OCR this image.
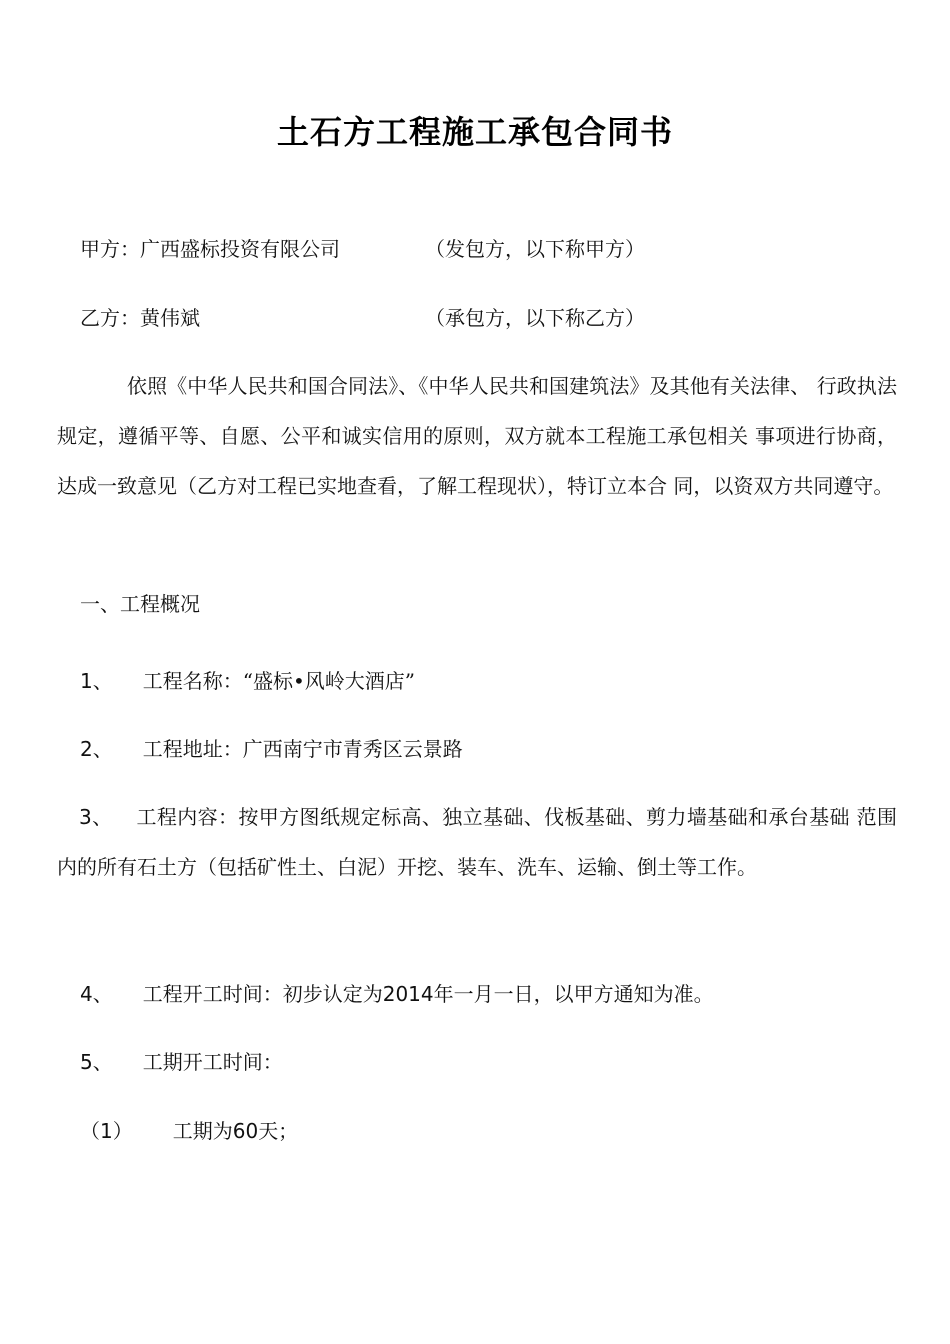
土石方工程施工承包合同书
甲方：广西盛标投资有限公司	（发包方，以下称甲方）
乙方：黄伟斌	（承包方，以下称乙方）

依照《中华人民共和国合同法》、《中华人民共和国建筑法》及其他有关法律、 行政执法规定，遵循平等、自愿、公平和诚实信用的原则，双方就本工程施工承包相关 事项进行协商，达成一致意见（乙方对工程已实地查看，了解工程现状），特订立本合 同，以资双方共同遵守。

一、工程概况
1、 工程名称：“盛标•风岭大酒店”
2、 工程地址：广西南宁市青秀区云景路

3、 工程内容：按甲方图纸规定标高、独立基础、伐板基础、剪力墙基础和承台基础 范围内的所有石土方（包括矿性土、白泥）开挖、装车、洗车、运输、倒土等工作。

4、 工程开工时间：初步认定为2014年一月一日，以甲方通知为准。
5、 工期开工时间：
（1） 工期为60天；
